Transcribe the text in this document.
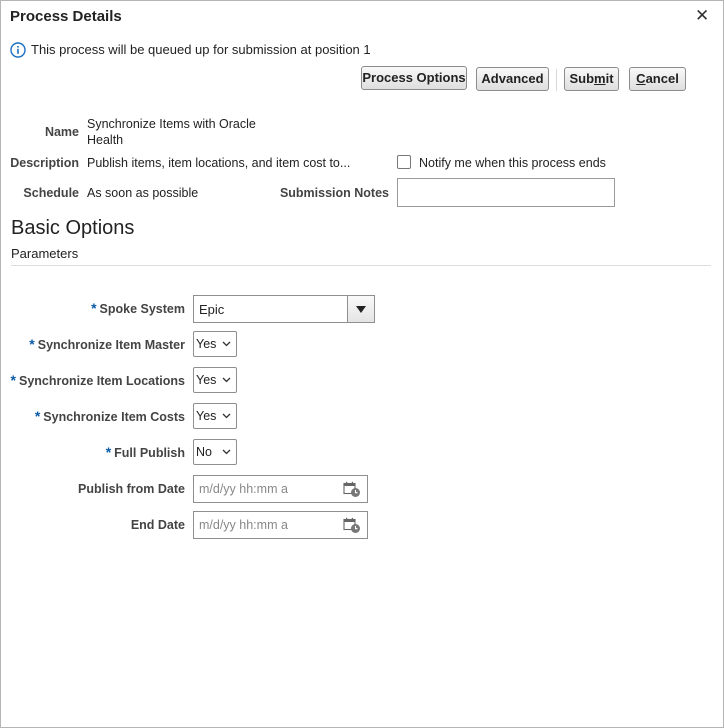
Process Details	✕
This process will be queued up for submission at position 1
Process Options	Advanced	Submit	Cancel
Name
Synchronize Items with Oracle
Health
Description Publish items, item locations, and item cost to...	Notify me when this process ends
Schedule As soon as possible	Submission Notes
Basic Options
Parameters
* Spoke System Epic
* Synchronize Item Master Yes
* Synchronize Item Locations Yes
* Synchronize Item Costs Yes
* Full Publish No
Publish from Date m/d/yy hh:mm a
End Date m/d/yy hh:mm a
